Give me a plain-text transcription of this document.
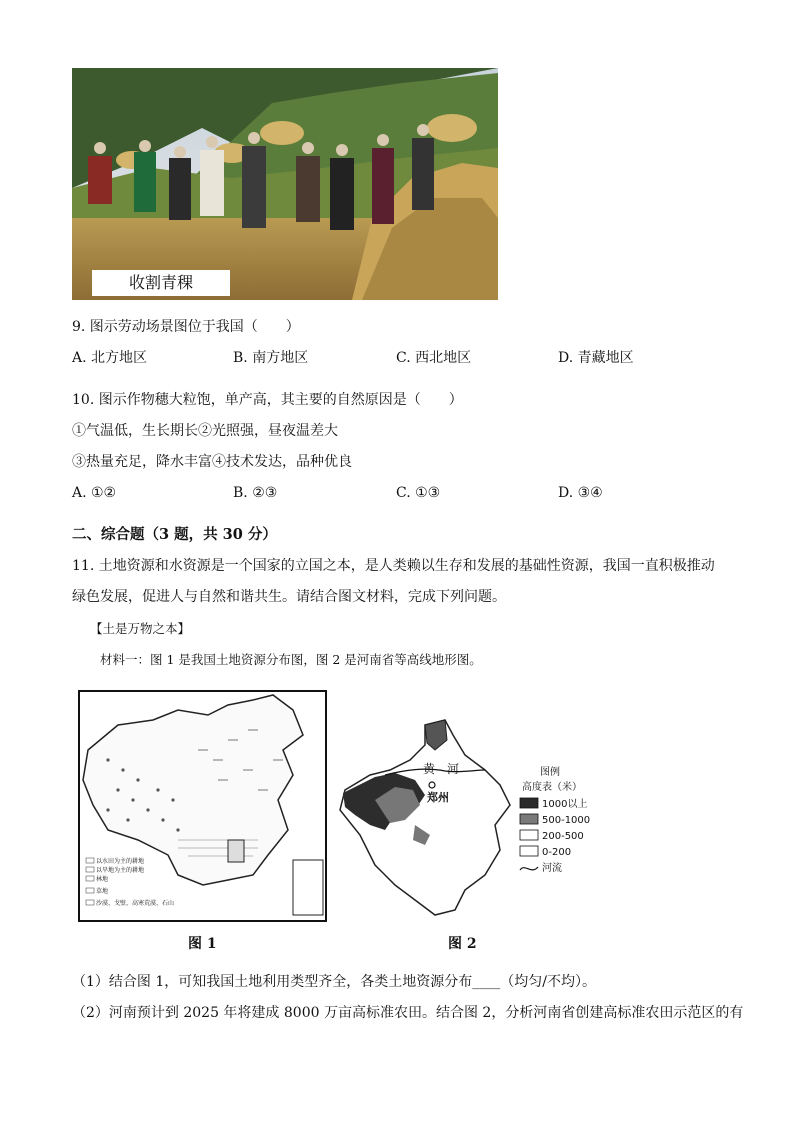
收割青稞
9. 图示劳动场景图位于我国（　　）
A. 北方地区	B. 南方地区	C. 西北地区	D. 青藏地区
10. 图示作物穗大粒饱，单产高，其主要的自然原因是（　　）
①气温低，生长期长②光照强，昼夜温差大
③热量充足，降水丰富④技术发达，品种优良
A. ①②	B. ②③	C. ①③	D. ③④
二、综合题（3 题，共 30 分）
11. 土地资源和水资源是一个国家的立国之本，是人类赖以生存和发展的基础性资源，我国一直积极推动
绿色发展，促进人与自然和谐共生。请结合图文材料，完成下列问题。
【土是万物之本】
材料一：图 1 是我国土地资源分布图，图 2 是河南省等高线地形图。
以水田为主的耕地
以旱地为主的耕地
林地
草地
沙漠、戈壁、高寒荒漠、石山
图 1
黄　河
郑州
图例
高度表（米）
1000以上
500-1000
200-500
0-200
河流
图 2
（1）结合图 1，可知我国土地利用类型齐全，各类土地资源分布____（均匀/不均）。
（2）河南预计到 2025 年将建成 8000 万亩高标准农田。结合图 2，分析河南省创建高标准农田示范区的有
